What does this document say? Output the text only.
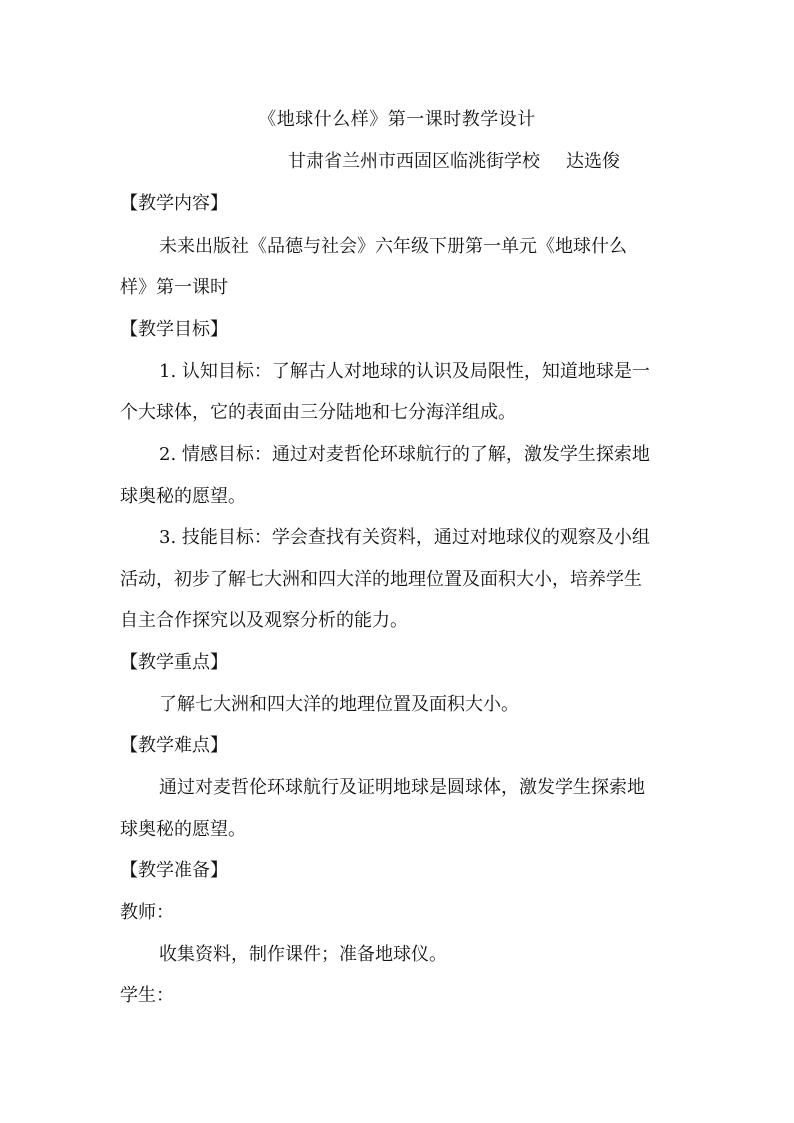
《地球什么样》第一课时教学设计
甘肃省兰州市西固区临洮街学校 达选俊
【教学内容】
未来出版社《品德与社会》六年级下册第一单元《地球什么
样》第一课时
【教学目标】
1. 认知目标：了解古人对地球的认识及局限性，知道地球是一
个大球体，它的表面由三分陆地和七分海洋组成。
2. 情感目标：通过对麦哲伦环球航行的了解，激发学生探索地
球奥秘的愿望。
3. 技能目标：学会查找有关资料，通过对地球仪的观察及小组
活动，初步了解七大洲和四大洋的地理位置及面积大小，培养学生
自主合作探究以及观察分析的能力。
【教学重点】
了解七大洲和四大洋的地理位置及面积大小。
【教学难点】
通过对麦哲伦环球航行及证明地球是圆球体，激发学生探索地
球奥秘的愿望。
【教学准备】
教师：
收集资料，制作课件；准备地球仪。
学生：
